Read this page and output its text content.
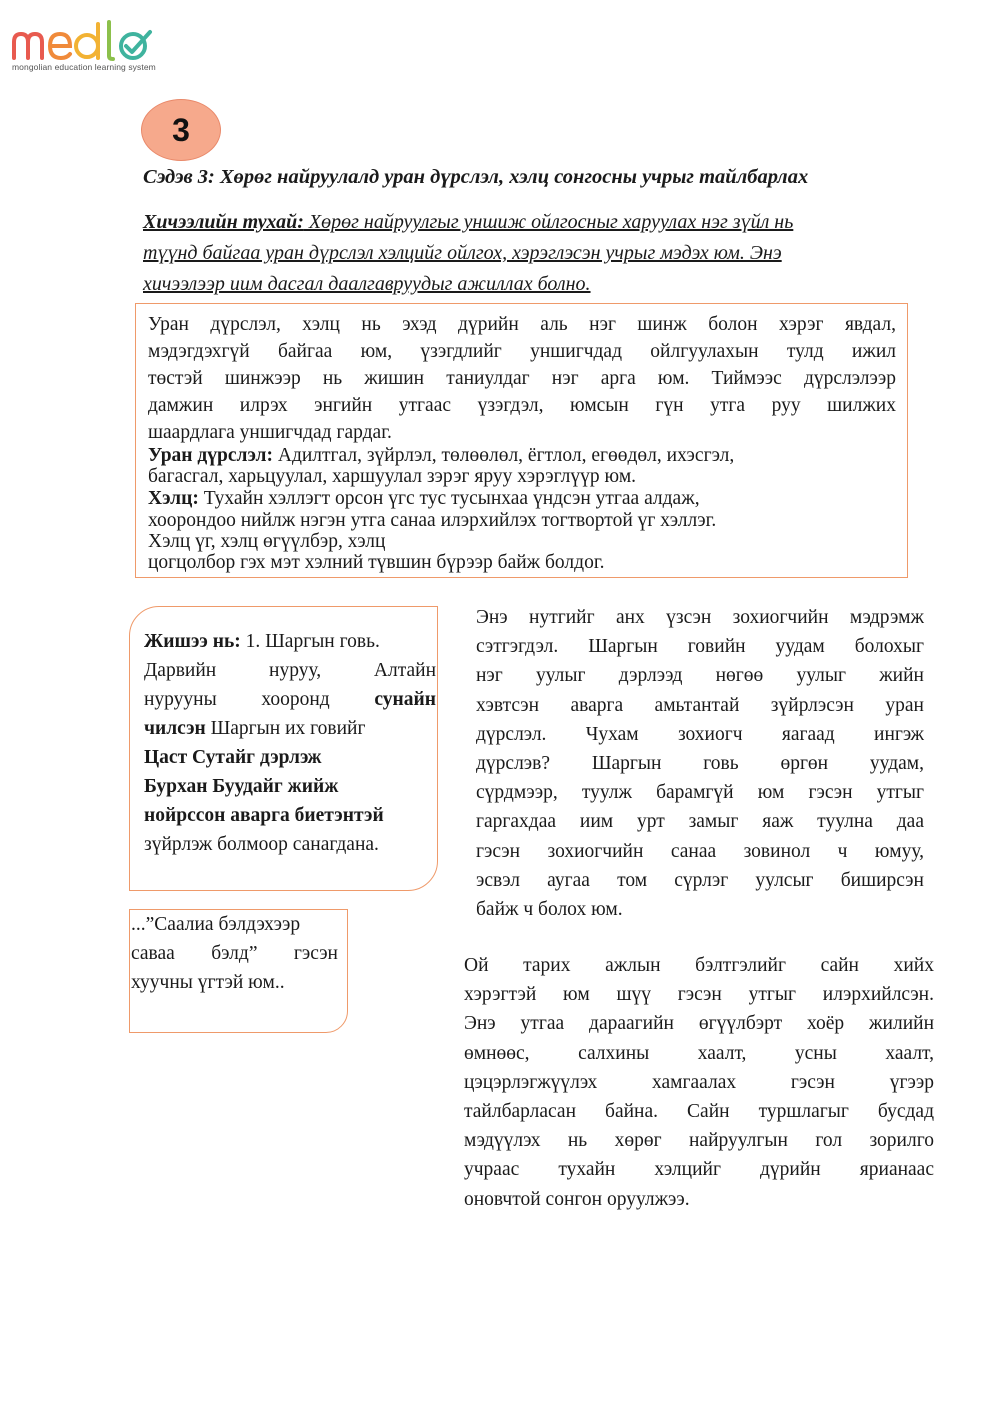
mongolian education learning system
3
Сэдэв 3: Хөрөг найруулалд уран дүрслэл, хэлц сонгосны учрыг тайлбарлах
Хичээлийн тухай: Хөрөг найруулгыг уншиж ойлгосныг харуулах нэг зүйл нь
түүнд байгаа уран дүрслэл хэлцийг ойлгох, хэрэглэсэн учрыг мэдэх юм. Энэ
хичээлээр иим дасгал даалгавруудыг ажиллах болно.
Уран дүрслэл, хэлц нь эхэд дүрийн аль нэг шинж болон хэрэг явдал,
мэдэгдэхгүй байгаа юм, үзэгдлийг уншигчдад ойлгуулахын тулд ижил
төстэй шинжээр нь жишин таниулдаг нэг арга юм. Тиймээс дүрслэлээр
дамжин илрэх энгийн утгаас үзэгдэл, юмсын гүн утга руу шилжих
шаардлага уншигчдад гардаг.
Уран дүрслэл: Адилтгал, зүйрлэл, төлөөлөл, ёгтлол, егөөдөл, ихэсгэл,
багасгал, харьцуулал, харшуулал зэрэг яруу хэрэглүүр юм.
Хэлц: Тухайн хэллэгт орсон үгс тус тусынхаа үндсэн утгаа алдаж,
хоорондоо нийлж нэгэн утга санаа илэрхийлэх тогтвортой үг хэллэг.
Хэлц үг, хэлц өгүүлбэр, хэлц
цогцолбор гэх мэт хэлний түвшин бүрээр байж болдог.
Жишээ нь: 1. Шаргын говь.
Дарвийн нуруу, Алтайн
нурууны хооронд сунайн
чилсэн Шаргын их говийг
Цаст Сутайг дэрлэж
Бурхан Буудайг жийж
нойрссон аварга биетэнтэй
зүйрлэж болмоор санагдана.
...”Саалиа бэлдэхээр
саваа бэлд” гэсэн
хуучны үгтэй юм..
Энэ нутгийг анх үзсэн зохиогчийн мэдрэмж
сэтгэгдэл. Шаргын говийн уудам болохыг
нэг уулыг дэрлээд нөгөө уулыг жийн
хэвтсэн аварга амьтантай зүйрлэсэн уран
дүрслэл. Чухам зохиогч яагаад ингэж
дүрслэв? Шаргын говь өргөн уудам,
сүрдмээр, туулж барамгүй юм гэсэн утгыг
гаргахдаа иим урт замыг яаж туулна даа
гэсэн зохиогчийн санаа зовинол ч юмуу,
эсвэл аугаа том сүрлэг уулсыг биширсэн
байж ч болох юм.
Ой тарих ажлын бэлтгэлийг сайн хийх
хэрэгтэй юм шүү гэсэн утгыг илэрхийлсэн.
Энэ утгаа дараагийн өгүүлбэрт хоёр жилийн
өмнөөс, салхины хаалт, усны хаалт,
цэцэрлэгжүүлэх хамгаалах гэсэн үгээр
тайлбарласан байна. Сайн туршлагыг бусдад
мэдүүлэх нь хөрөг найруулгын гол зорилго
учраас тухайн хэлцийг дүрийн ярианаас
оновчтой сонгон оруулжээ.
